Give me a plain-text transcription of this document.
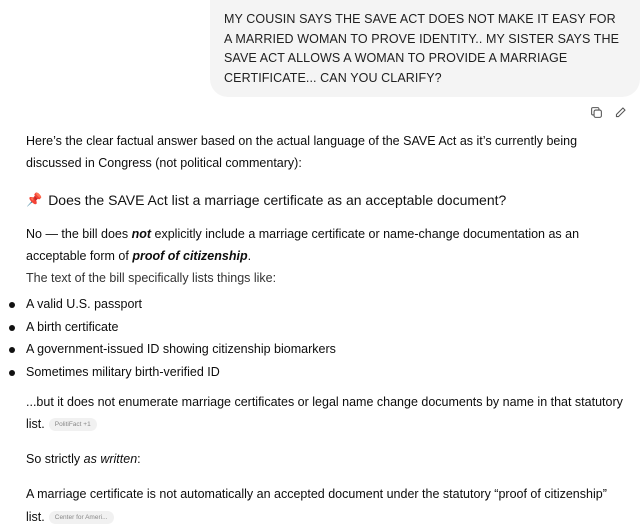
MY COUSIN SAYS THE SAVE ACT DOES NOT MAKE IT EASY FOR A MARRIED WOMAN TO PROVE IDENTITY.. MY SISTER SAYS THE SAVE ACT ALLOWS A WOMAN TO PROVIDE A MARRIAGE CERTIFICATE... CAN YOU CLARIFY?

Here’s the clear factual answer based on the actual language of the SAVE Act as it’s currently being discussed in Congress (not political commentary):

📌 Does the SAVE Act list a marriage certificate as an acceptable document?

No — the bill does not explicitly include a marriage certificate or name-change documentation as an acceptable form of proof of citizenship.

The text of the bill specifically lists things like:

A valid U.S. passport
A birth certificate
A government-issued ID showing citizenship biomarkers
Sometimes military birth-verified ID

...but it does not enumerate marriage certificates or legal name change documents by name in that statutory list. PolitiFact +1

So strictly as written:

A marriage certificate is not automatically an accepted document under the statutory “proof of citizenship” list. Center for Ameri...
